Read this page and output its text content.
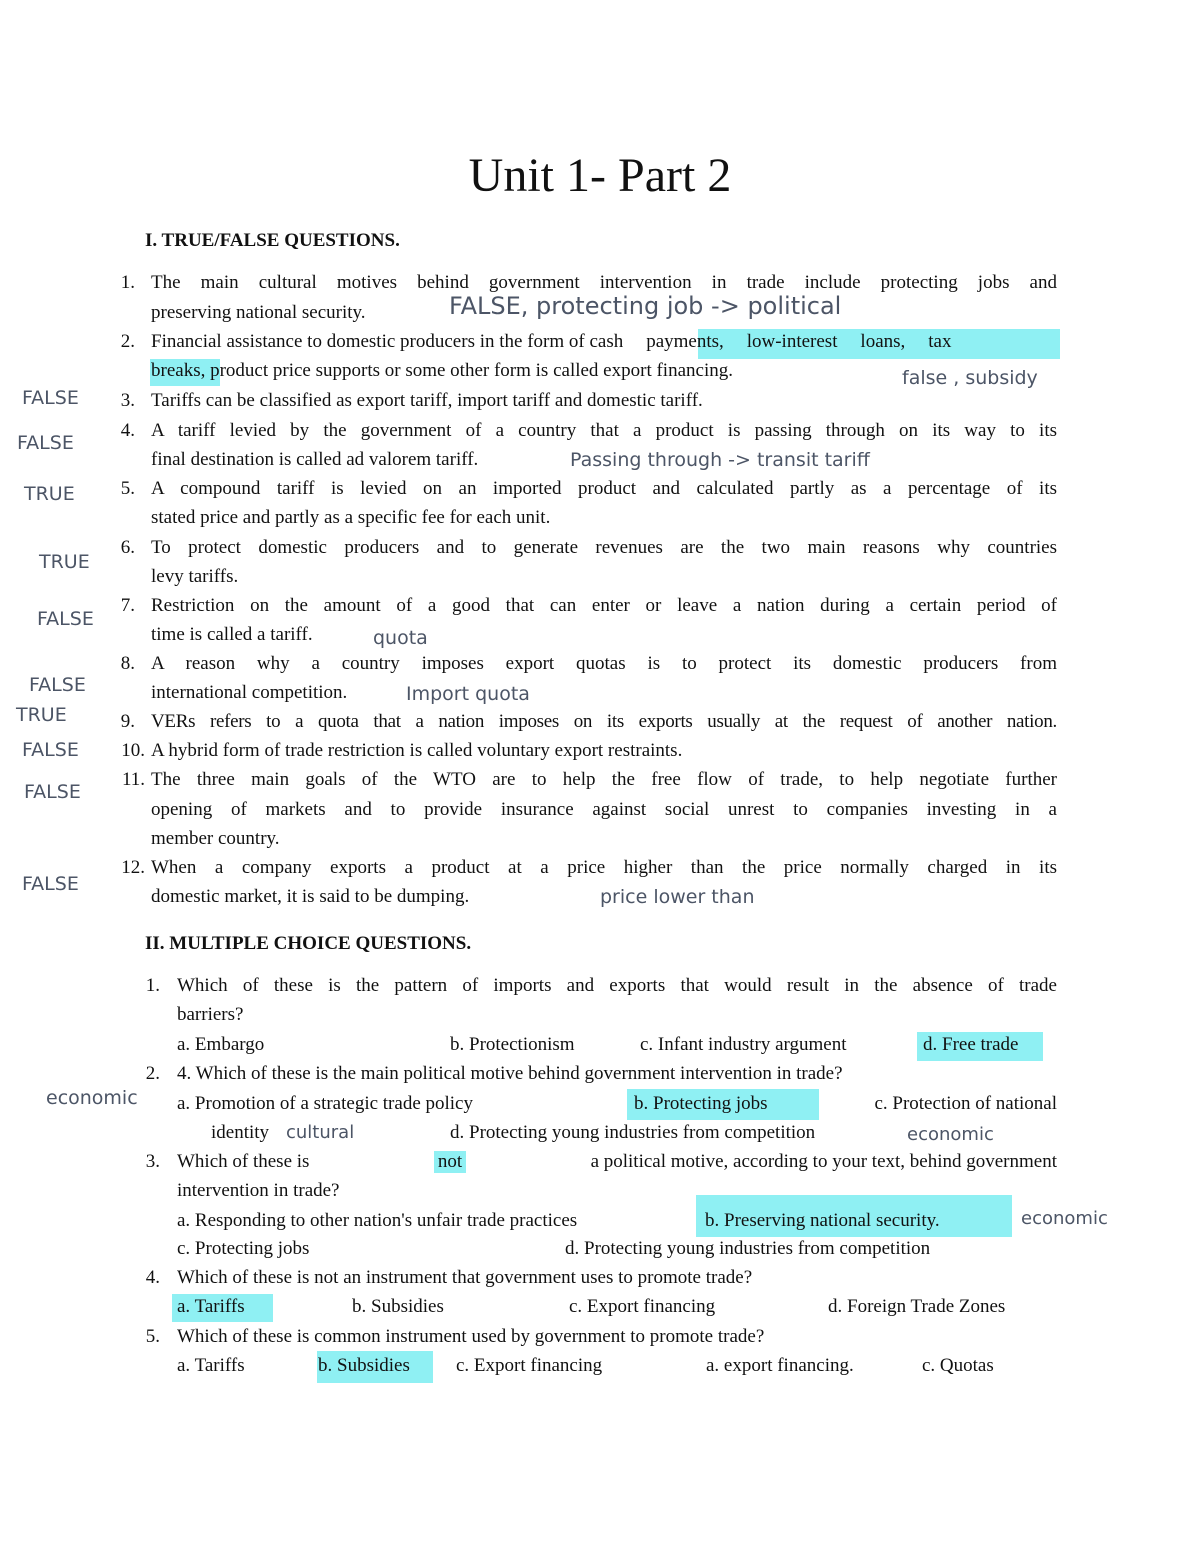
Unit 1- Part 2
I. TRUE/FALSE QUESTIONS.
1. The main cultural motives behind government intervention in trade include protecting jobs and
preserving national security.	FALSE, protecting job -> political
2. Financial assistance to domestic producers in the form of cash payments, low-interest loans, tax
breaks, product price supports or some other form is called export financing.	false , subsidy
FALSE	3. Tariffs can be classified as export tariff, import tariff and domestic tariff.
FALSE
4. A tariff levied by the government of a country that a product is passing through on its way to its
final destination is called ad valorem tariff.	Passing through -> transit tariff
TRUE	5. A compound tariff is levied on an imported product and calculated partly as a percentage of its
stated price and partly as a specific fee for each unit.
TRUE
6. To protect domestic producers and to generate revenues are the two main reasons why countries
levy tariffs.
FALSE
7. Restriction on the amount of a good that can enter or leave a nation during a certain period of
time is called a tariff.	quota
FALSE
8. A reason why a country imposes export quotas is to protect its domestic producers from
international competition.	Import quota
TRUE	9. VERs refers to a quota that a nation imposes on its exports usually at the request of another nation.
FALSE	10. A hybrid form of trade restriction is called voluntary export restraints.
FALSE
11. The three main goals of the WTO are to help the free flow of trade, to help negotiate further
opening of markets and to provide insurance against social unrest to companies investing in a
member country.
FALSE
12. When a company exports a product at a price higher than the price normally charged in its
domestic market, it is said to be dumping.	price lower than
II. MULTIPLE CHOICE QUESTIONS.
1. Which of these is the pattern of imports and exports that would result in the absence of trade
barriers?
a. Embargo	b. Protectionism	c. Infant industry argument	d. Free trade
economic
2. 4. Which of these is the main political motive behind government intervention in trade?
a. Promotion of a strategic trade policy	b. Protecting jobs	c. Protection of national
identity cultural	d. Protecting young industries from competition	economic
3. Which of these is	not	a political motive, according to your text, behind government
intervention in trade?
a. Responding to other nation's unfair trade practices	b. Preserving national security.	economic
c. Protecting jobs	d. Protecting young industries from competition
4. Which of these is not an instrument that government uses to promote trade?
a. Tariffs	b. Subsidies	c. Export financing	d. Foreign Trade Zones
5. Which of these is common instrument used by government to promote trade?
a. Tariffs	b. Subsidies c. Export financing	a. export financing.	c. Quotas
